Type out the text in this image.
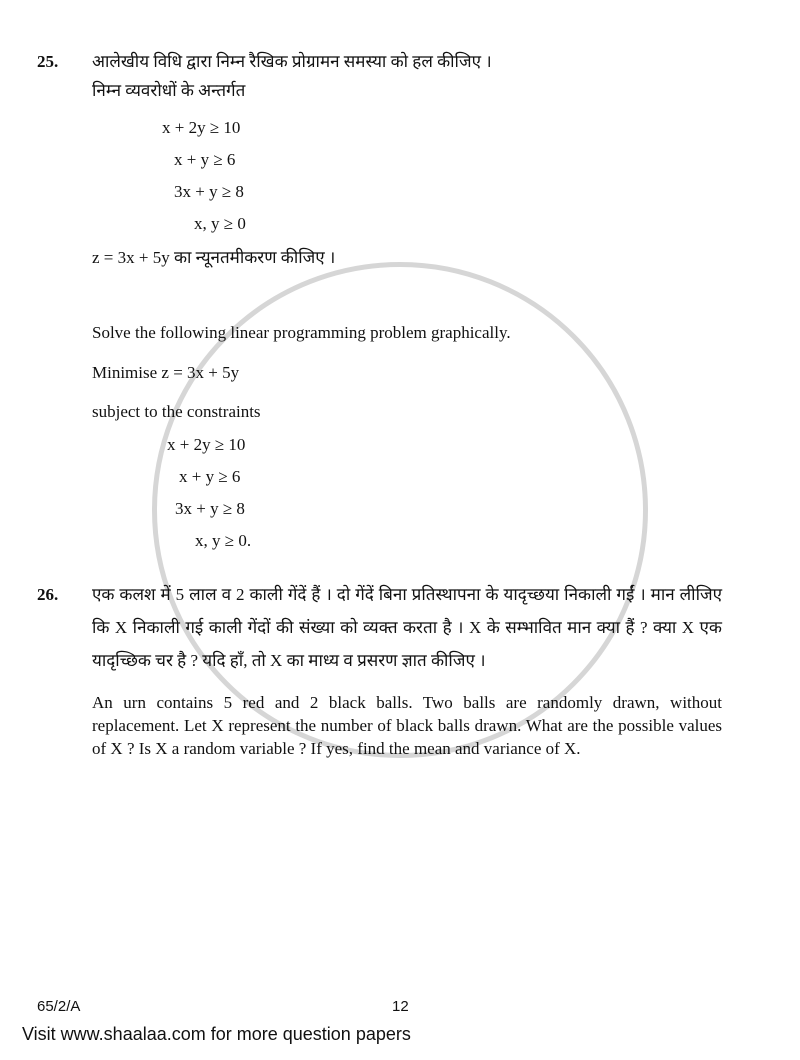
25. आलेखीय विधि द्वारा निम्न रैखिक प्रोग्रामन समस्या को हल कीजिए ।
निम्न व्यवरोधों के अन्तर्गत
x + 2y ≥ 10
x + y ≥ 6
3x + y ≥ 8
x, y ≥ 0
z = 3x + 5y का न्यूनतमीकरण कीजिए ।
Solve the following linear programming problem graphically.
Minimise z = 3x + 5y
subject to the constraints
x + 2y ≥ 10
x + y ≥ 6
3x + y ≥ 8
x, y ≥ 0.
26. एक कलश में 5 लाल व 2 काली गेंदें हैं । दो गेंदें बिना प्रतिस्थापना के यादृच्छया निकाली गईं । मान लीजिए कि X निकाली गई काली गेंदों की संख्या को व्यक्त करता है । X के सम्भावित मान क्या हैं ? क्या X एक यादृच्छिक चर है ? यदि हाँ, तो X का माध्य व प्रसरण ज्ञात कीजिए ।

An urn contains 5 red and 2 black balls. Two balls are randomly drawn, without replacement. Let X represent the number of black balls drawn. What are the possible values of X ? Is X a random variable ? If yes, find the mean and variance of X.

65/2/A	12
Visit www.shaalaa.com for more question papers
